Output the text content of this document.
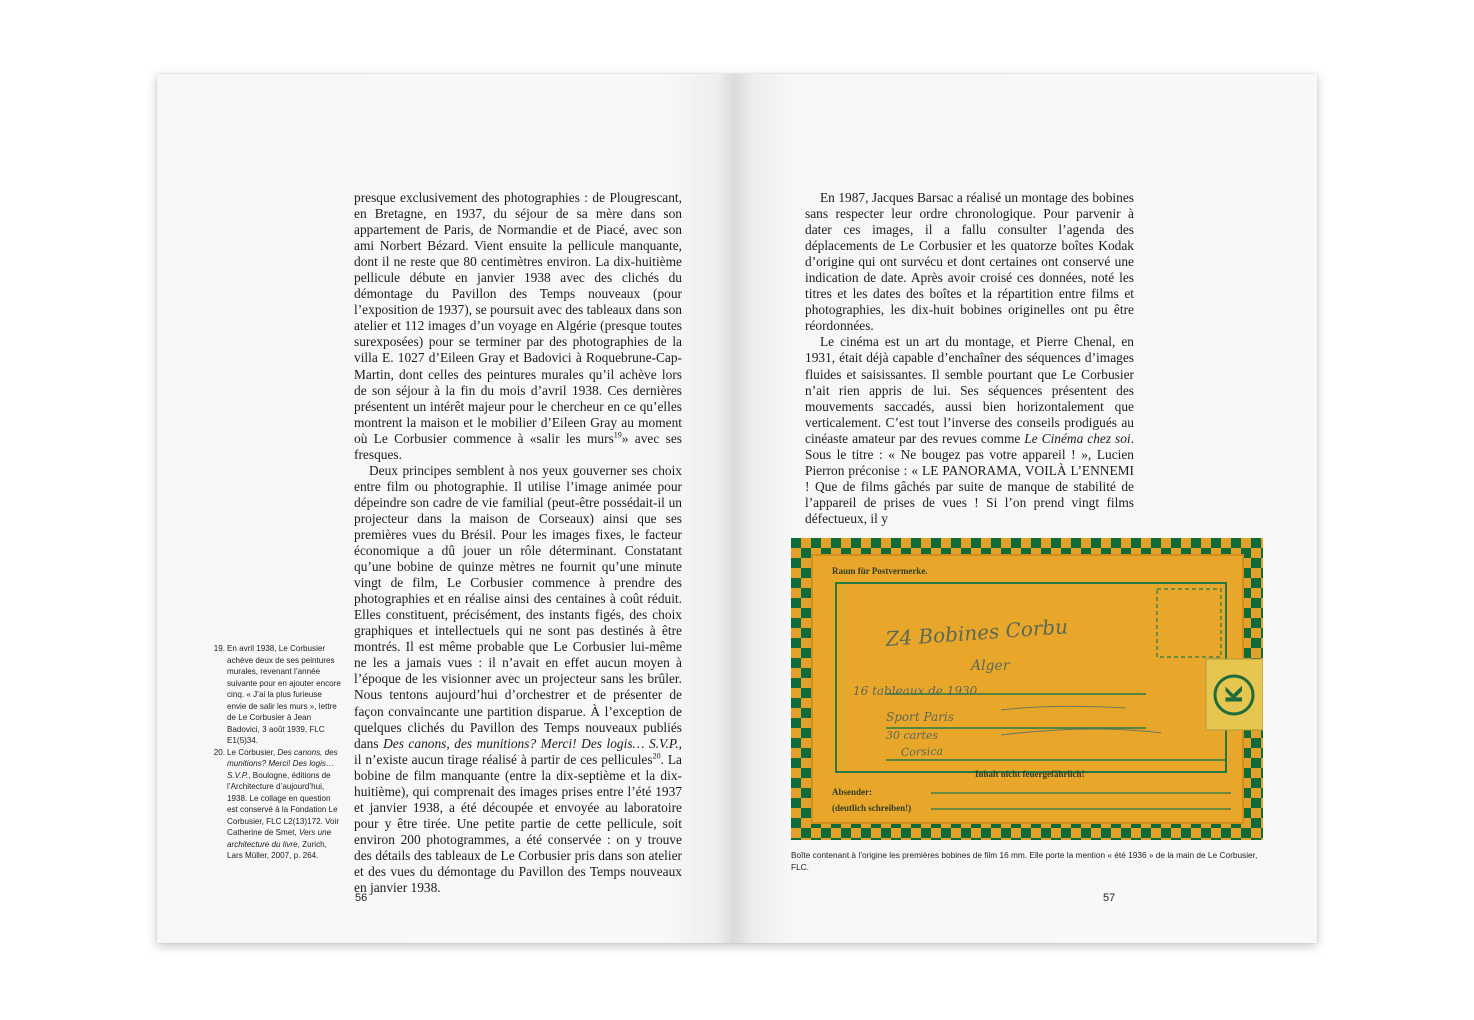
presque exclusivement des photographies : de Plougrescant, en Bretagne, en 1937, du séjour de sa mère dans son appartement de Paris, de Normandie et de Piacé, avec son ami Norbert Bézard. Vient ensuite la pellicule manquante, dont il ne reste que 80 centimètres environ. La dix-huitième pellicule débute en janvier 1938 avec des clichés du démontage du Pavillon des Temps nouveaux (pour l’exposition de 1937), se poursuit avec des tableaux dans son atelier et 112 images d’un voyage en Algérie (presque toutes surexposées) pour se terminer par des photographies de la villa E. 1027 d’Eileen Gray et Badovici à Roquebrune-Cap-Martin, dont celles des peintures murales qu’il achève lors de son séjour à la fin du mois d’avril 1938. Ces dernières présentent un intérêt majeur pour le chercheur en ce qu’elles montrent la maison et le mobilier d’Eileen Gray au moment où Le Corbusier commence à «salir les murs$^{19}$» avec ses fresques.

Deux principes semblent à nos yeux gouverner ses choix entre film ou photographie. Il utilise l’image animée pour dépeindre son cadre de vie familial (peut-être possédait-il un projecteur dans la maison de Corseaux) ainsi que ses premières vues du Brésil. Pour les images fixes, le facteur économique a dû jouer un rôle déterminant. Constatant qu’une bobine de quinze mètres ne fournit qu’une minute vingt de film, Le Corbusier commence à prendre des photographies et en réalise ainsi des centaines à coût réduit. Elles constituent, précisément, des instants figés, des choix graphiques et intellectuels qui ne sont pas destinés à être montrés. Il est même probable que Le Corbusier lui-même ne les a jamais vues : il n’avait en effet aucun moyen à l’époque de les visionner avec un projecteur sans les brûler. Nous tentons aujourd’hui d’orchestrer et de présenter de façon convaincante une partition disparue. À l’exception de quelques clichés du Pavillon des Temps nouveaux publiés dans Des canons, des munitions? Merci! Des logis… S.V.P., il n’existe aucun tirage réalisé à partir de ces pellicules$^{20}$. La bobine de film manquante (entre la dix-septième et la dix-huitième), qui comprenait des images prises entre l’été 1937 et janvier 1938, a été découpée et envoyée au laboratoire pour y être tirée. Une petite partie de cette pellicule, soit environ 200 photogrammes, a été conservée : on y trouve des détails des tableaux de Le Corbusier pris dans son atelier et des vues du démontage du Pavillon des Temps nouveaux en janvier 1938.

19. En avril 1938, Le Corbusier achève deux de ses peintures murales, revenant l’année suivante pour en ajouter encore cinq. « J’ai la plus furieuse envie de salir les murs », lettre de Le Corbusier à Jean Badovici, 3 août 1939, FLC E1(5)34.
20. Le Corbusier, Des canons, des munitions? Merci! Des logis… S.V.P., Boulogne, éditions de l’Architecture d’aujourd’hui, 1938. Le collage en question est conservé à la Fondation Le Corbusier, FLC L2(13)172. Voir Catherine de Smet, Vers une architecture du livre, Zurich, Lars Müller, 2007, p. 264.
56

En 1987, Jacques Barsac a réalisé un montage des bobines sans respecter leur ordre chronologique. Pour parvenir à dater ces images, il a fallu consulter l’agenda des déplacements de Le Corbusier et les quatorze boîtes Kodak d’origine qui ont survécu et dont certaines ont conservé une indication de date. Après avoir croisé ces données, noté les titres et les dates des boîtes et la répartition entre films et photographies, les dix-huit bobines originelles ont pu être réordonnées.

Le cinéma est un art du montage, et Pierre Chenal, en 1931, était déjà capable d’enchaîner des séquences d’images fluides et saisissantes. Il semble pourtant que Le Corbusier n’ait rien appris de lui. Ses séquences présentent des mouvements saccadés, aussi bien horizontalement que verticalement. C’est tout l’inverse des conseils prodigués au cinéaste amateur par des revues comme Le Cinéma chez soi. Sous le titre : « Ne bougez pas votre appareil ! », Lucien Pierron préconise : « LE PANORAMA, VOILÀ L’ENNEMI ! Que de films gâchés par suite de manque de stabilité de l’appareil de prises de vues ! Si l’on prend vingt films défectueux, il y

Raum für Postvermerke.
Inhalt nicht feuergefährlich!
Absender:
(deutlich schreiben!)
Z4 Bobines Corbu
Alger
16 tableaux de 1930
Sport Paris
30 cartes
Corsica
K
Boîte contenant à l’origine les premières bobines de film 16 mm. Elle porte la mention « été 1936 » de la main de Le Corbusier, FLC.
57
